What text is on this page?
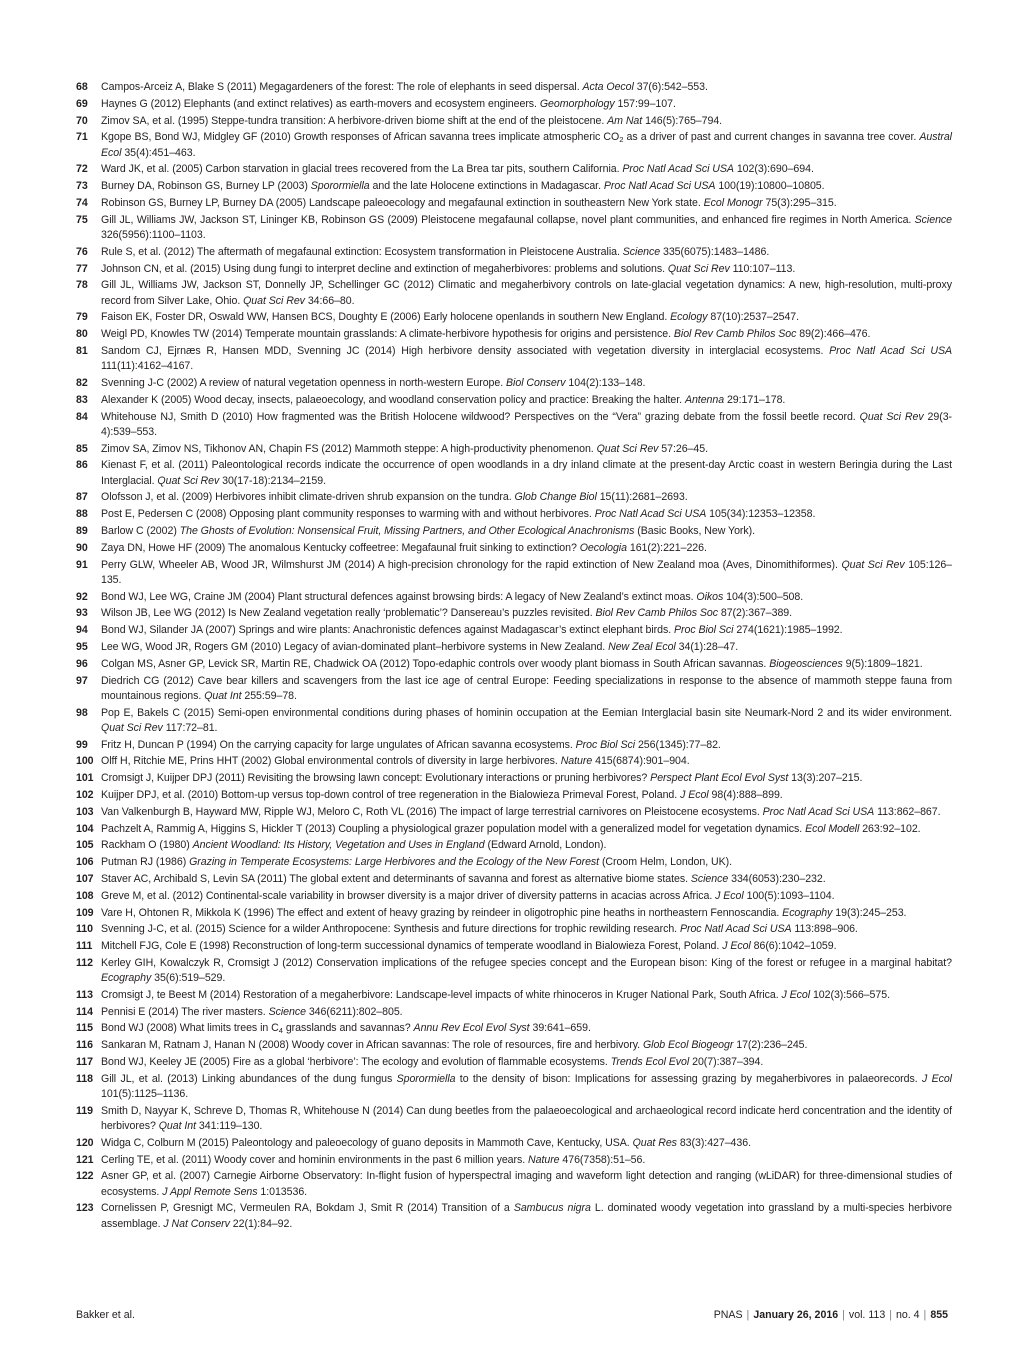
68 Campos-Arceiz A, Blake S (2011) Megagardeners of the forest: The role of elephants in seed dispersal. Acta Oecol 37(6):542–553.
69 Haynes G (2012) Elephants (and extinct relatives) as earth-movers and ecosystem engineers. Geomorphology 157:99–107.
70 Zimov SA, et al. (1995) Steppe-tundra transition: A herbivore-driven biome shift at the end of the pleistocene. Am Nat 146(5):765–794.
71 Kgope BS, Bond WJ, Midgley GF (2010) Growth responses of African savanna trees implicate atmospheric $CO_2$ as a driver of past and current changes in savanna tree cover. Austral Ecol 35(4):451–463.
72 Ward JK, et al. (2005) Carbon starvation in glacial trees recovered from the La Brea tar pits, southern California. Proc Natl Acad Sci USA 102(3):690–694.
73 Burney DA, Robinson GS, Burney LP (2003) Sporormiella and the late Holocene extinctions in Madagascar. Proc Natl Acad Sci USA 100(19):10800–10805.
74 Robinson GS, Burney LP, Burney DA (2005) Landscape paleoecology and megafaunal extinction in southeastern New York state. Ecol Monogr 75(3):295–315.
75 Gill JL, Williams JW, Jackson ST, Lininger KB, Robinson GS (2009) Pleistocene megafaunal collapse, novel plant communities, and enhanced fire regimes in North America. Science 326(5956):1100–1103.
76 Rule S, et al. (2012) The aftermath of megafaunal extinction: Ecosystem transformation in Pleistocene Australia. Science 335(6075):1483–1486.
77 Johnson CN, et al. (2015) Using dung fungi to interpret decline and extinction of megaherbivores: problems and solutions. Quat Sci Rev 110:107–113.
78 Gill JL, Williams JW, Jackson ST, Donnelly JP, Schellinger GC (2012) Climatic and megaherbivory controls on late-glacial vegetation dynamics: A new, high-resolution, multi-proxy record from Silver Lake, Ohio. Quat Sci Rev 34:66–80.
79 Faison EK, Foster DR, Oswald WW, Hansen BCS, Doughty E (2006) Early holocene openlands in southern New England. Ecology 87(10):2537–2547.
80 Weigl PD, Knowles TW (2014) Temperate mountain grasslands: A climate-herbivore hypothesis for origins and persistence. Biol Rev Camb Philos Soc 89(2):466–476.
81 Sandom CJ, Ejrnæs R, Hansen MDD, Svenning JC (2014) High herbivore density associated with vegetation diversity in interglacial ecosystems. Proc Natl Acad Sci USA 111(11):4162–4167.
82 Svenning J-C (2002) A review of natural vegetation openness in north-western Europe. Biol Conserv 104(2):133–148.
83 Alexander K (2005) Wood decay, insects, palaeoecology, and woodland conservation policy and practice: Breaking the halter. Antenna 29:171–178.
84 Whitehouse NJ, Smith D (2010) How fragmented was the British Holocene wildwood? Perspectives on the “Vera” grazing debate from the fossil beetle record. Quat Sci Rev 29(3-4):539–553.
85 Zimov SA, Zimov NS, Tikhonov AN, Chapin FS (2012) Mammoth steppe: A high-productivity phenomenon. Quat Sci Rev 57:26–45.
86 Kienast F, et al. (2011) Paleontological records indicate the occurrence of open woodlands in a dry inland climate at the present-day Arctic coast in western Beringia during the Last Interglacial. Quat Sci Rev 30(17-18):2134–2159.
87 Olofsson J, et al. (2009) Herbivores inhibit climate-driven shrub expansion on the tundra. Glob Change Biol 15(11):2681–2693.
88 Post E, Pedersen C (2008) Opposing plant community responses to warming with and without herbivores. Proc Natl Acad Sci USA 105(34):12353–12358.
89 Barlow C (2002) The Ghosts of Evolution: Nonsensical Fruit, Missing Partners, and Other Ecological Anachronisms (Basic Books, New York).
90 Zaya DN, Howe HF (2009) The anomalous Kentucky coffeetree: Megafaunal fruit sinking to extinction? Oecologia 161(2):221–226.
91 Perry GLW, Wheeler AB, Wood JR, Wilmshurst JM (2014) A high-precision chronology for the rapid extinction of New Zealand moa (Aves, Dinomithiformes). Quat Sci Rev 105:126–135.
92 Bond WJ, Lee WG, Craine JM (2004) Plant structural defences against browsing birds: A legacy of New Zealand’s extinct moas. Oikos 104(3):500–508.
93 Wilson JB, Lee WG (2012) Is New Zealand vegetation really ‘problematic’? Dansereau’s puzzles revisited. Biol Rev Camb Philos Soc 87(2):367–389.
94 Bond WJ, Silander JA (2007) Springs and wire plants: Anachronistic defences against Madagascar’s extinct elephant birds. Proc Biol Sci 274(1621):1985–1992.
95 Lee WG, Wood JR, Rogers GM (2010) Legacy of avian-dominated plant–herbivore systems in New Zealand. New Zeal Ecol 34(1):28–47.
96 Colgan MS, Asner GP, Levick SR, Martin RE, Chadwick OA (2012) Topo-edaphic controls over woody plant biomass in South African savannas. Biogeosciences 9(5):1809–1821.
97 Diedrich CG (2012) Cave bear killers and scavengers from the last ice age of central Europe: Feeding specializations in response to the absence of mammoth steppe fauna from mountainous regions. Quat Int 255:59–78.
98 Pop E, Bakels C (2015) Semi-open environmental conditions during phases of hominin occupation at the Eemian Interglacial basin site Neumark-Nord 2 and its wider environment. Quat Sci Rev 117:72–81.
99 Fritz H, Duncan P (1994) On the carrying capacity for large ungulates of African savanna ecosystems. Proc Biol Sci 256(1345):77–82.
100 Olff H, Ritchie ME, Prins HHT (2002) Global environmental controls of diversity in large herbivores. Nature 415(6874):901–904.
101 Cromsigt J, Kuijper DPJ (2011) Revisiting the browsing lawn concept: Evolutionary interactions or pruning herbivores? Perspect Plant Ecol Evol Syst 13(3):207–215.
102 Kuijper DPJ, et al. (2010) Bottom-up versus top-down control of tree regeneration in the Bialowieza Primeval Forest, Poland. J Ecol 98(4):888–899.
103 Van Valkenburgh B, Hayward MW, Ripple WJ, Meloro C, Roth VL (2016) The impact of large terrestrial carnivores on Pleistocene ecosystems. Proc Natl Acad Sci USA 113:862–867.
104 Pachzelt A, Rammig A, Higgins S, Hickler T (2013) Coupling a physiological grazer population model with a generalized model for vegetation dynamics. Ecol Modell 263:92–102.
105 Rackham O (1980) Ancient Woodland: Its History, Vegetation and Uses in England (Edward Arnold, London).
106 Putman RJ (1986) Grazing in Temperate Ecosystems: Large Herbivores and the Ecology of the New Forest (Croom Helm, London, UK).
107 Staver AC, Archibald S, Levin SA (2011) The global extent and determinants of savanna and forest as alternative biome states. Science 334(6053):230–232.
108 Greve M, et al. (2012) Continental-scale variability in browser diversity is a major driver of diversity patterns in acacias across Africa. J Ecol 100(5):1093–1104.
109 Vare H, Ohtonen R, Mikkola K (1996) The effect and extent of heavy grazing by reindeer in oligotrophic pine heaths in northeastern Fennoscandia. Ecography 19(3):245–253.
110 Svenning J-C, et al. (2015) Science for a wilder Anthropocene: Synthesis and future directions for trophic rewilding research. Proc Natl Acad Sci USA 113:898–906.
111 Mitchell FJG, Cole E (1998) Reconstruction of long-term successional dynamics of temperate woodland in Bialowieza Forest, Poland. J Ecol 86(6):1042–1059.
112 Kerley GIH, Kowalczyk R, Cromsigt J (2012) Conservation implications of the refugee species concept and the European bison: King of the forest or refugee in a marginal habitat? Ecography 35(6):519–529.
113 Cromsigt J, te Beest M (2014) Restoration of a megaherbivore: Landscape-level impacts of white rhinoceros in Kruger National Park, South Africa. J Ecol 102(3):566–575.
114 Pennisi E (2014) The river masters. Science 346(6211):802–805.
115 Bond WJ (2008) What limits trees in $C_4$ grasslands and savannas? Annu Rev Ecol Evol Syst 39:641–659.
116 Sankaran M, Ratnam J, Hanan N (2008) Woody cover in African savannas: The role of resources, fire and herbivory. Glob Ecol Biogeogr 17(2):236–245.
117 Bond WJ, Keeley JE (2005) Fire as a global ‘herbivore’: The ecology and evolution of flammable ecosystems. Trends Ecol Evol 20(7):387–394.
118 Gill JL, et al. (2013) Linking abundances of the dung fungus Sporormiella to the density of bison: Implications for assessing grazing by megaherbivores in palaeorecords. J Ecol 101(5):1125–1136.
119 Smith D, Nayyar K, Schreve D, Thomas R, Whitehouse N (2014) Can dung beetles from the palaeoecological and archaeological record indicate herd concentration and the identity of herbivores? Quat Int 341:119–130.
120 Widga C, Colburn M (2015) Paleontology and paleoecology of guano deposits in Mammoth Cave, Kentucky, USA. Quat Res 83(3):427–436.
121 Cerling TE, et al. (2011) Woody cover and hominin environments in the past 6 million years. Nature 476(7358):51–56.
122 Asner GP, et al. (2007) Carnegie Airborne Observatory: In-flight fusion of hyperspectral imaging and waveform light detection and ranging (wLiDAR) for three-dimensional studies of ecosystems. J Appl Remote Sens 1:013536.
123 Cornelissen P, Gresnigt MC, Vermeulen RA, Bokdam J, Smit R (2014) Transition of a Sambucus nigra L. dominated woody vegetation into grassland by a multi-species herbivore assemblage. J Nat Conserv 22(1):84–92.
Bakker et al.	PNAS | January 26, 2016 | vol. 113 | no. 4 | 855
